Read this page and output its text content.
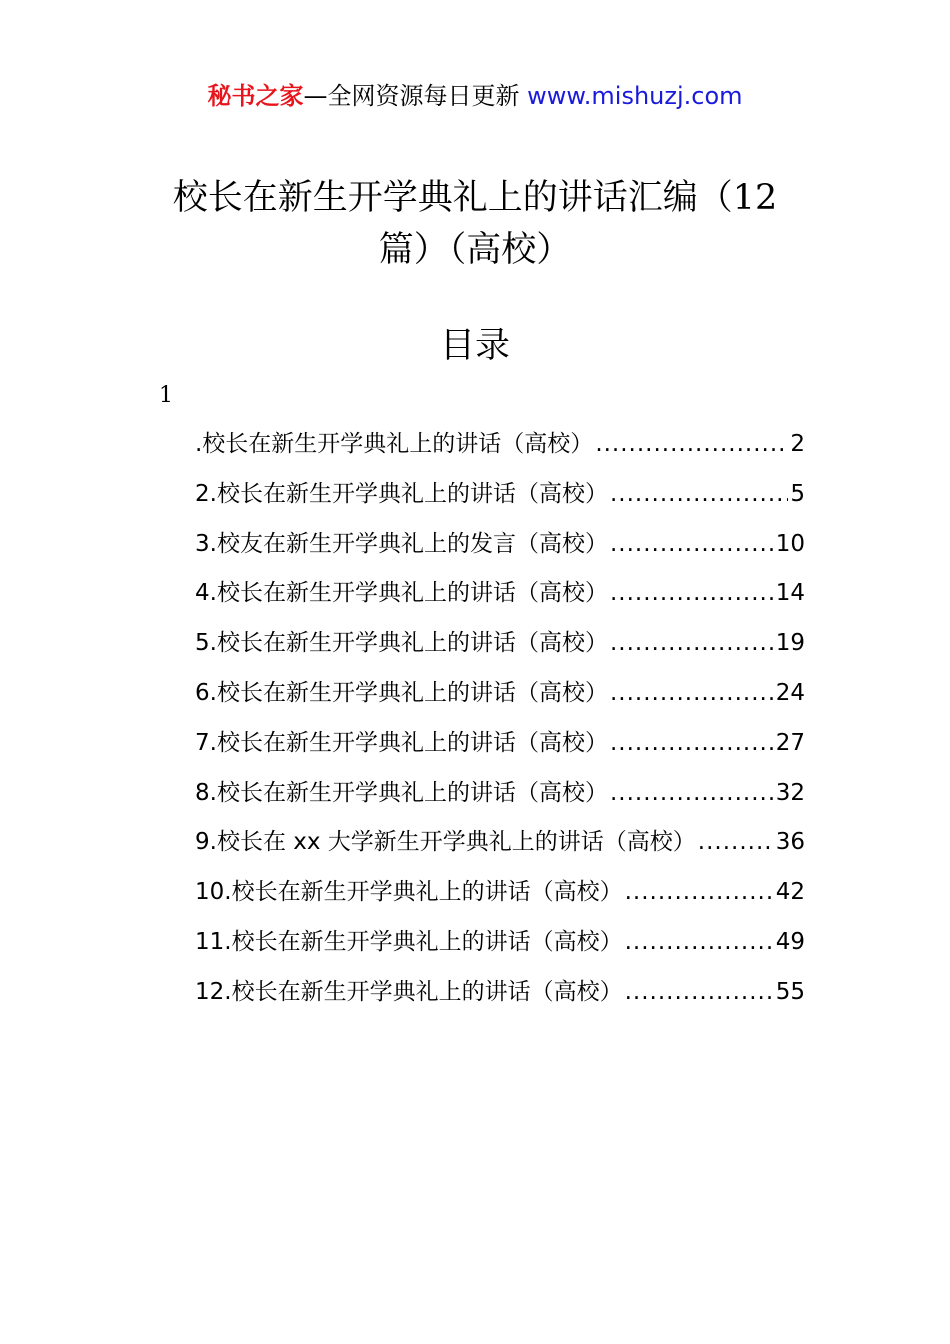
秘书之家—全网资源每日更新 www.mishuzj.com
校长在新生开学典礼上的讲话汇编（12
篇）（高校）
目录
1
.校长在新生开学典礼上的讲话（高校） .....	2
2.校长在新生开学典礼上的讲话（高校） .....	5
3.校友在新生开学典礼上的发言（高校） .....	10
4.校长在新生开学典礼上的讲话（高校） .....	14
5.校长在新生开学典礼上的讲话（高校） .....	19
6.校长在新生开学典礼上的讲话（高校） .....	24
7.校长在新生开学典礼上的讲话（高校） .....	27
8.校长在新生开学典礼上的讲话（高校） .....	32
9.校长在 xx 大学新生开学典礼上的讲话（高校） .....	36
10.校长在新生开学典礼上的讲话（高校） .....	42
11.校长在新生开学典礼上的讲话（高校） .....	49
12.校长在新生开学典礼上的讲话（高校） .....	55
